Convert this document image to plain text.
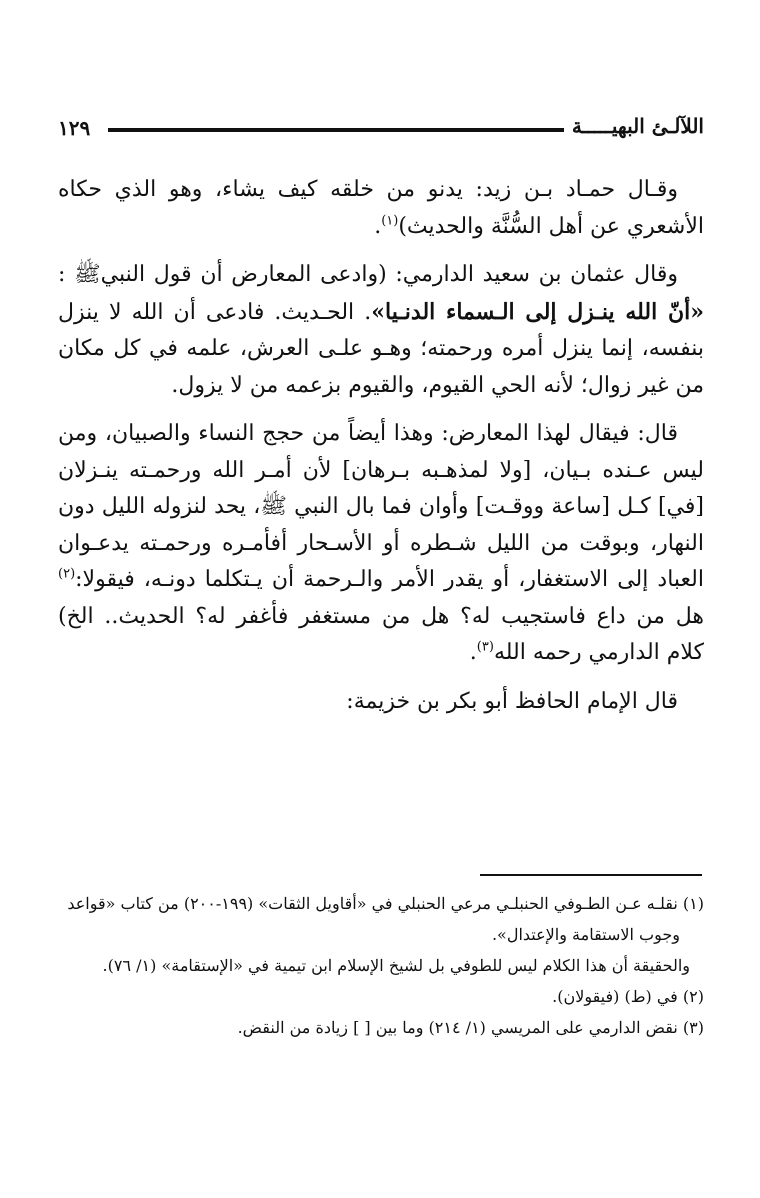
١٢٩	اللآلـئ البهيـــــة

وقـال حمـاد بـن زيد: يدنو من خلقه كيف يشاء، وهو الذي حكاه الأشعري عن أهل السُّنَّة والحديث)$^{(١)}$.

وقال عثمان بن سعيد الدارمي: (وادعى المعارض أن قول النبيﷺ : «أنّ الله ينـزل إلى الـسماء الدنـيا». الحـديث. فادعى أن الله لا ينزل بنفسه، إنما ينزل أمره ورحمته؛ وهـو علـى العرش، علمه في كل مكان من غير زوال؛ لأنه الحي القيوم، والقيوم بزعمه من لا يزول.

قال: فيقال لهذا المعارض: وهذا أيضاً من حجج النساء والصبيان، ومن ليس عـنده بـيان، [ولا لمذهـبه بـرهان] لأن أمـر الله ورحمـته ينـزلان [في] كـل [ساعة ووقـت] وأوان فما بال النبي ﷺ، يحد لنزوله الليل دون النهار، وبوقت من الليل شـطره أو الأسـحار أفأمـره ورحمـته يدعـوان العباد إلى الاستغفار، أو يقدر الأمر والـرحمة أن يـتكلما دونـه، فيقولا:$^{(٢)}$ هل من داع فاستجيب له؟ هل من مستغفر فأغفر له؟ الحديث.. الخ) كلام الدارمي رحمه الله$^{(٣)}$.

قال الإمام الحافظ أبو بكر بن خزيمة:

(١) نقلـه عـن الطـوفي الحنبلـي مرعي الحنبلي في «أقاويل الثقات» (١٩٩-٢٠٠) من كتاب «قواعد

وجوب الاستقامة والإعتدال».

والحقيقة أن هذا الكلام ليس للطوفي بل لشيخ الإسلام ابن تيمية في «الإستقامة» (١/ ٧٦).

(٢) في (ط) (فيقولان).

(٣) نقض الدارمي على المريسي (١/ ٢١٤) وما بين [ ] زيادة من النقض.
